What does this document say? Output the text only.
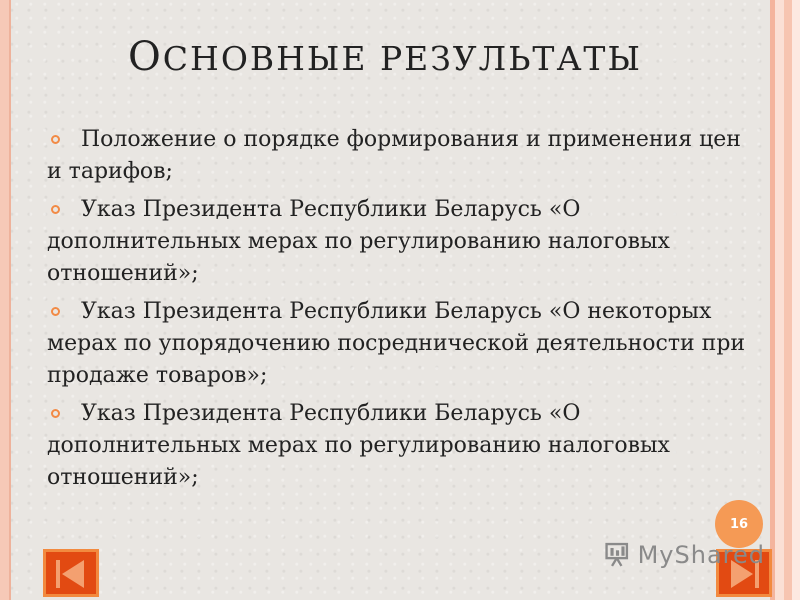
ОСНОВНЫЕ РЕЗУЛЬТАТЫ
Положение о порядке формирования и применения цен и тарифов;
Указ Президента Республики Беларусь «О дополнительных мерах по регулированию налоговых отношений»;
Указ Президента Республики Беларусь «О некоторых мерах по упорядочению посреднической деятельности при продаже товаров»;
Указ Президента Республики Беларусь «О дополнительных мерах по регулированию налоговых отношений»;
16
MyShared
